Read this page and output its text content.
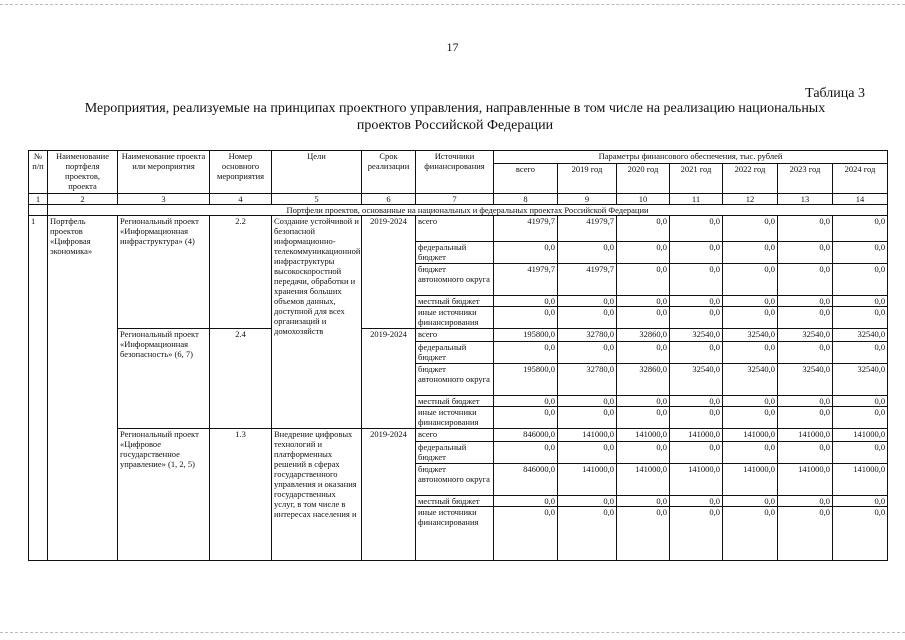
17
Таблица 3
Мероприятия, реализуемые на принципах проектного управления, направленные в том числе на реализацию национальных проектов Российской Федерации
№ п/п	Наименование портфеля проектов, проекта	Наименование проекта или мероприятия	Номер основного мероприятия	Цели	Срок реализации	Источники финансирования	Параметры финансового обеспечения, тыс. рублей						
							всего	2019 год	2020 год	2021 год	2022 год	2023 год	2024 год
1	2	3	4	5	6	7	8	9	10	11	12	13	14
	Портфели проектов, основанные на национальных и федеральных проектах Российской Федерации												
1	Портфель проектов «Цифровая экономика»	Региональный проект «Информационная инфраструктура» (4)	2.2	Создание устойчивой и безопасной информационно-телекоммуникационной инфраструктуры высокоскоростной передачи, обработки и хранения больших объемов данных, доступной для всех организаций и домохозяйств	2019-2024	всего	41979,7	41979,7	0,0	0,0	0,0	0,0	0,0
						федеральный бюджет	0,0	0,0	0,0	0,0	0,0	0,0	0,0
						бюджет автономного округа	41979,7	41979,7	0,0	0,0	0,0	0,0	0,0
						местный бюджет	0,0	0,0	0,0	0,0	0,0	0,0	0,0
						иные источники финансирования	0,0	0,0	0,0	0,0	0,0	0,0	0,0
		Региональный проект «Информационная безопасность» (6, 7)	2.4		2019-2024	всего	195800,0	32780,0	32860,0	32540,0	32540,0	32540,0	32540,0
						федеральный бюджет	0,0	0,0	0,0	0,0	0,0	0,0	0,0
						бюджет автономного округа	195800,0	32780,0	32860,0	32540,0	32540,0	32540,0	32540,0
						местный бюджет	0,0	0,0	0,0	0,0	0,0	0,0	0,0
						иные источники финансирования	0,0	0,0	0,0	0,0	0,0	0,0	0,0
		Региональный проект «Цифровое государственное управление» (1, 2, 5)	1.3	Внедрение цифровых технологий и платформенных решений в сферах государственного управления и оказания государственных услуг, в том числе в интересах населения и	2019-2024	всего	846000,0	141000,0	141000,0	141000,0	141000,0	141000,0	141000,0
						федеральный бюджет	0,0	0,0	0,0	0,0	0,0	0,0	0,0
						бюджет автономного округа	846000,0	141000,0	141000,0	141000,0	141000,0	141000,0	141000,0
						местный бюджет	0,0	0,0	0,0	0,0	0,0	0,0	0,0
						иные источники финансирования	0,0	0,0	0,0	0,0	0,0	0,0	0,0
